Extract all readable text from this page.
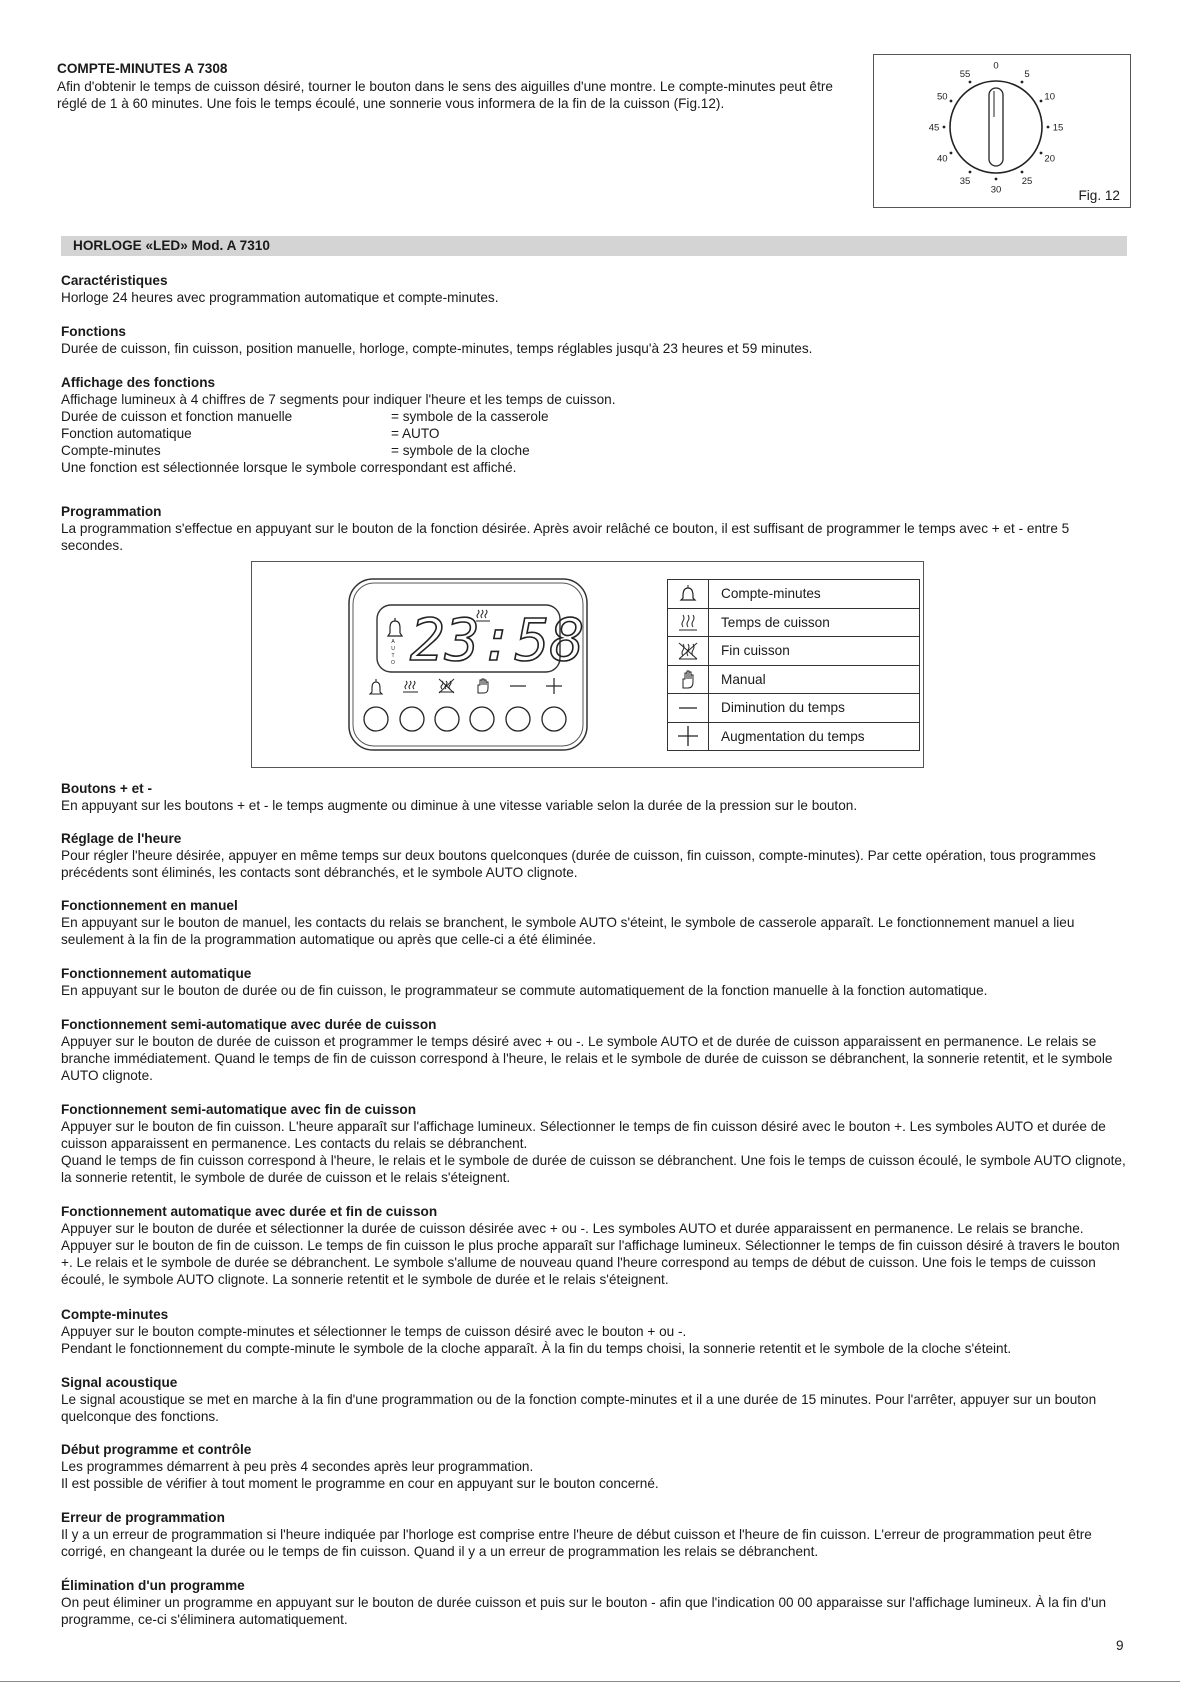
COMPTE-MINUTES A 7308

Afin d'obtenir le temps de cuisson désiré, tourner le bouton dans le sens des aiguilles d'une montre. Le compte-minutes peut être réglé de 1 à 60 minutes. Une fois le temps écoulé, une sonnerie vous informera de la fin de la cuisson (Fig.12).

0
5
10
15
20
25
30
35
40
45
50
55
Fig. 12
HORLOGE «LED» Mod. A 7310
Caractéristiques

Horloge 24 heures avec programmation automatique et compte-minutes.

Fonctions

Durée de cuisson, fin cuisson, position manuelle, horloge, compte-minutes, temps réglables jusqu'à 23 heures et 59 minutes.

Affichage des fonctions

Affichage lumineux à 4 chiffres de 7 segments pour indiquer l'heure et les temps de cuisson.

Durée de cuisson et fonction manuelle	= symbole de la casserole
Fonction automatique	= AUTO
Compte-minutes	= symbole de la cloche

Une fonction est sélectionnée lorsque le symbole correspondant est affiché.

Programmation

La programmation s'effectue en appuyant sur le bouton de la fonction désirée. Après avoir relâché ce bouton, il est suffisant de programmer le temps avec + et - entre 5 secondes.

A
U
T
O 23:58
Compte-minutes
Temps de cuisson
Fin cuisson
Manual
Diminution du temps
Augmentation du temps
Boutons + et -

En appuyant sur les boutons + et - le temps augmente ou diminue à une vitesse variable selon la durée de la pression sur le bouton.

Réglage de l'heure

Pour régler l'heure désirée, appuyer en même temps sur deux boutons quelconques (durée de cuisson, fin cuisson, compte-minutes). Par cette opération, tous programmes précédents sont éliminés, les contacts sont débranchés, et le symbole AUTO clignote.

Fonctionnement en manuel

En appuyant sur le bouton de manuel, les contacts du relais se branchent, le symbole AUTO s'éteint, le symbole de casserole apparaît. Le fonctionnement manuel a lieu seulement à la fin de la programmation automatique ou après que celle-ci a été éliminée.

Fonctionnement automatique

En appuyant sur le bouton de durée ou de fin cuisson, le programmateur se commute automatiquement de la fonction manuelle à la fonction automatique.

Fonctionnement semi-automatique avec durée de cuisson

Appuyer sur le bouton de durée de cuisson et programmer le temps désiré avec + ou -. Le symbole AUTO et de durée de cuisson apparaissent en permanence. Le relais se branche immédiatement. Quand le temps de fin de cuisson correspond à l'heure, le relais et le symbole de durée de cuisson se débranchent, la sonnerie retentit, et le symbole AUTO clignote.

Fonctionnement semi-automatique avec fin de cuisson

Appuyer sur le bouton de fin cuisson. L'heure apparaît sur l'affichage lumineux. Sélectionner le temps de fin cuisson désiré avec le bouton +. Les symboles AUTO et durée de cuisson apparaissent en permanence. Les contacts du relais se débranchent.

Quand le temps de fin cuisson correspond à l'heure, le relais et le symbole de durée de cuisson se débranchent. Une fois le temps de cuisson écoulé, le symbole AUTO clignote, la sonnerie retentit, le symbole de durée de cuisson et le relais s'éteignent.

Fonctionnement automatique avec durée et fin de cuisson

Appuyer sur le bouton de durée et sélectionner la durée de cuisson désirée avec + ou -. Les symboles AUTO et durée apparaissent en permanence. Le relais se branche. Appuyer sur le bouton de fin de cuisson. Le temps de fin cuisson le plus proche apparaît sur l'affichage lumineux. Sélectionner le temps de fin cuisson désiré à travers le bouton +. Le relais et le symbole de durée se débranchent. Le symbole s'allume de nouveau quand l'heure correspond au temps de début de cuisson. Une fois le temps de cuisson écoulé, le symbole AUTO clignote. La sonnerie retentit et le symbole de durée et le relais s'éteignent.

Compte-minutes

Appuyer sur le bouton compte-minutes et sélectionner le temps de cuisson désiré avec le bouton + ou -.

Pendant le fonctionnement du compte-minute le symbole de la cloche apparaît. À la fin du temps choisi, la sonnerie retentit et le symbole de la cloche s'éteint.

Signal acoustique

Le signal acoustique se met en marche à la fin d'une programmation ou de la fonction compte-minutes et il a une durée de 15 minutes. Pour l'arrêter, appuyer sur un bouton quelconque des fonctions.

Début programme et contrôle

Les programmes démarrent à peu près 4 secondes après leur programmation.

Il est possible de vérifier à tout moment le programme en cour en appuyant sur le bouton concerné.

Erreur de programmation

Il y a un erreur de programmation si l'heure indiquée par l'horloge est comprise entre l'heure de début cuisson et l'heure de fin cuisson. L'erreur de programmation peut être corrigé, en changeant la durée ou le temps de fin cuisson. Quand il y a un erreur de programmation les relais se débranchent.

Élimination d'un programme

On peut éliminer un programme en appuyant sur le bouton de durée cuisson et puis sur le bouton - afin que l'indication 00 00 apparaisse sur l'affichage lumineux. À la fin d'un programme, ce-ci s'éliminera automatiquement.

9
